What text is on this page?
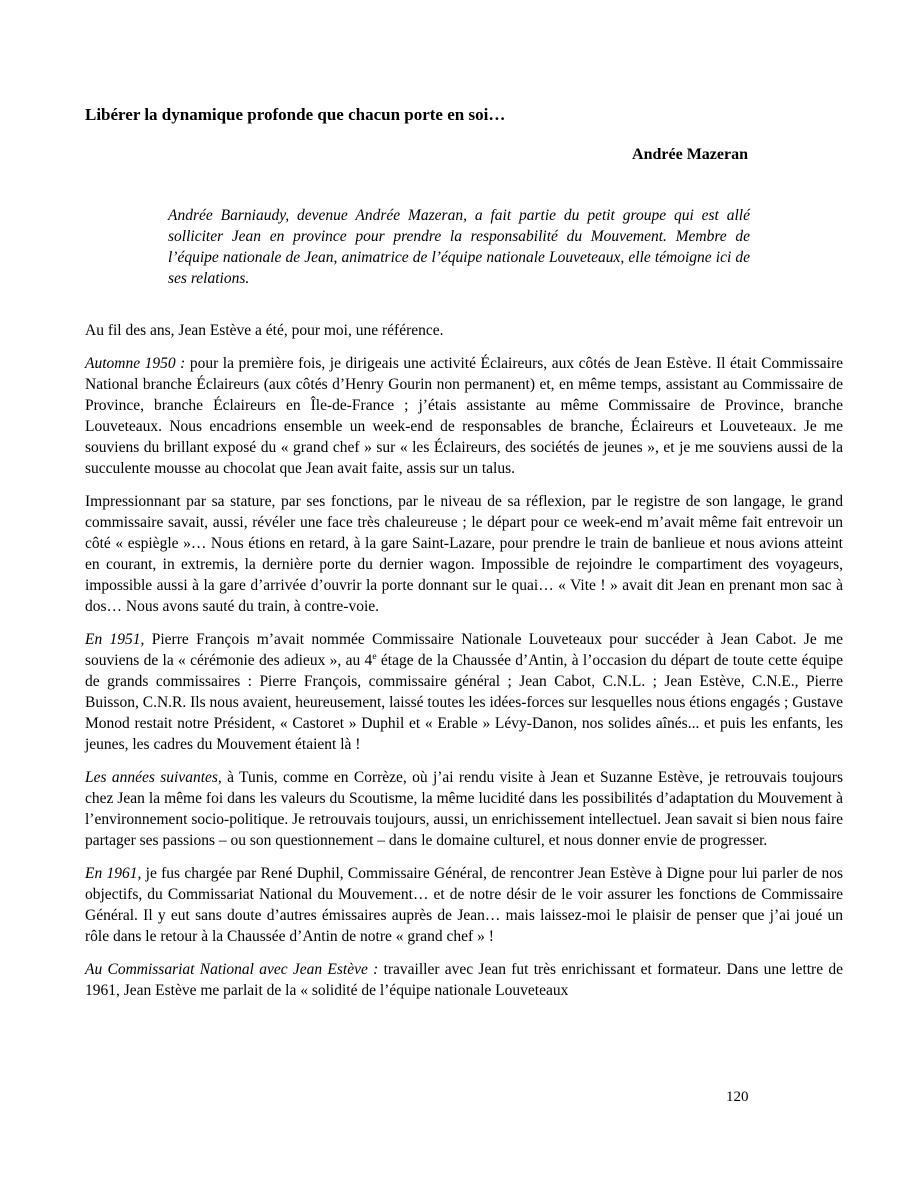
Libérer la dynamique profonde que chacun porte en soi…
Andrée Mazeran

Andrée Barniaudy, devenue Andrée Mazeran, a fait partie du petit groupe qui est allé solliciter Jean en province pour prendre la responsabilité du Mouvement. Membre de l’équipe nationale de Jean, animatrice de l’équipe nationale Louveteaux, elle témoigne ici de ses relations.

Au fil des ans, Jean Estève a été, pour moi, une référence.

Automne 1950 : pour la première fois, je dirigeais une activité Éclaireurs, aux côtés de Jean Estève. Il était Commissaire National branche Éclaireurs (aux côtés d’Henry Gourin non permanent) et, en même temps, assistant au Commissaire de Province, branche Éclaireurs en Île-de-France ; j’étais assistante au même Commissaire de Province, branche Louveteaux. Nous encadrions ensemble un week-end de responsables de branche, Éclaireurs et Louveteaux. Je me souviens du brillant exposé du « grand chef » sur « les Éclaireurs, des sociétés de jeunes », et je me souviens aussi de la succulente mousse au chocolat que Jean avait faite, assis sur un talus.

Impressionnant par sa stature, par ses fonctions, par le niveau de sa réflexion, par le registre de son langage, le grand commissaire savait, aussi, révéler une face très chaleureuse ; le départ pour ce week-end m’avait même fait entrevoir un côté « espiègle »… Nous étions en retard, à la gare Saint-Lazare, pour prendre le train de banlieue et nous avions atteint en courant, in extremis, la dernière porte du dernier wagon. Impossible de rejoindre le compartiment des voyageurs, impossible aussi à la gare d’arrivée d’ouvrir la porte donnant sur le quai… « Vite ! » avait dit Jean en prenant mon sac à dos… Nous avons sauté du train, à contre-voie.

En 1951, Pierre François m’avait nommée Commissaire Nationale Louveteaux pour succéder à Jean Cabot. Je me souviens de la « cérémonie des adieux », au 4e étage de la Chaussée d’Antin, à l’occasion du départ de toute cette équipe de grands commissaires : Pierre François, commissaire général ; Jean Cabot, C.N.L. ; Jean Estève, C.N.E., Pierre Buisson, C.N.R. Ils nous avaient, heureusement, laissé toutes les idées-forces sur lesquelles nous étions engagés ; Gustave Monod restait notre Président, « Castoret » Duphil et « Erable » Lévy-Danon, nos solides aînés... et puis les enfants, les jeunes, les cadres du Mouvement étaient là !

Les années suivantes, à Tunis, comme en Corrèze, où j’ai rendu visite à Jean et Suzanne Estève, je retrouvais toujours chez Jean la même foi dans les valeurs du Scoutisme, la même lucidité dans les possibilités d’adaptation du Mouvement à l’environnement socio-politique. Je retrouvais toujours, aussi, un enrichissement intellectuel. Jean savait si bien nous faire partager ses passions – ou son questionnement – dans le domaine culturel, et nous donner envie de progresser.

En 1961, je fus chargée par René Duphil, Commissaire Général, de rencontrer Jean Estève à Digne pour lui parler de nos objectifs, du Commissariat National du Mouvement… et de notre désir de le voir assurer les fonctions de Commissaire Général. Il y eut sans doute d’autres émissaires auprès de Jean… mais laissez-moi le plaisir de penser que j’ai joué un rôle dans le retour à la Chaussée d’Antin de notre « grand chef » !

Au Commissariat National avec Jean Estève : travailler avec Jean fut très enrichissant et formateur. Dans une lettre de 1961, Jean Estève me parlait de la « solidité de l’équipe nationale Louveteaux

120
